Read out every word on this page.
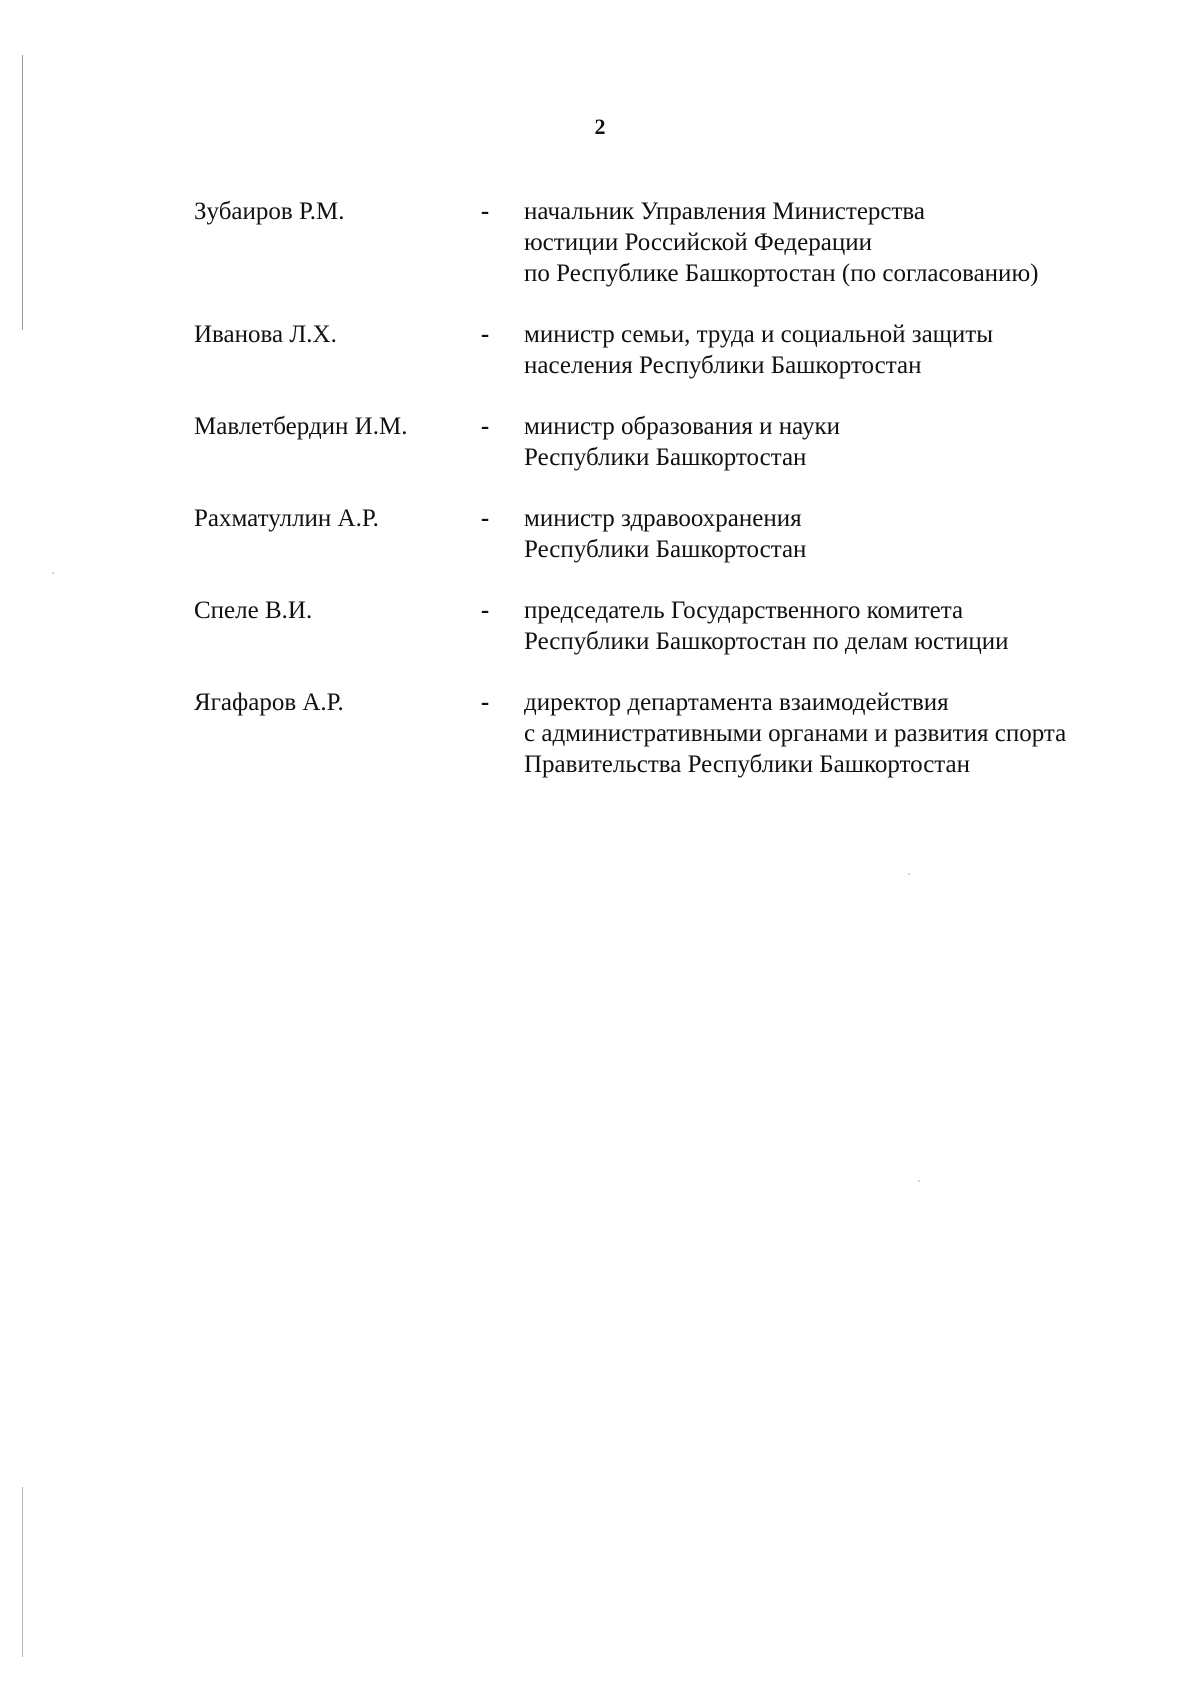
2
Зубаиров Р.М.	-	начальник Управления Министерства
юстиции Российской Федерации
по Республике Башкортостан (по согласованию)
Иванова Л.Х.	-	министр семьи, труда и социальной защиты
населения Республики Башкортостан
Мавлетбердин И.М.	-	министр образования и науки
Республики Башкортостан
Рахматуллин А.Р.	-	министр здравоохранения
Республики Башкортостан
Спеле В.И.	-	председатель Государственного комитета
Республики Башкортостан по делам юстиции
Ягафаров А.Р.	-	директор департамента взаимодействия
с административными органами и развития спорта
Правительства Республики Башкортостан
